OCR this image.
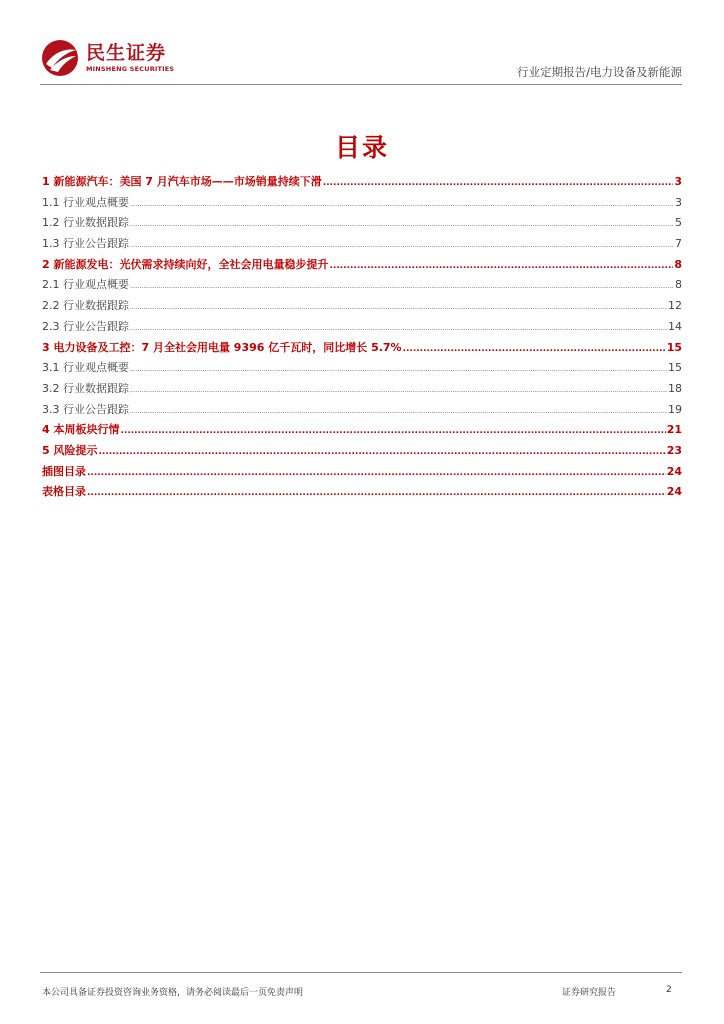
民生证券
MINSHENG SECURITIES	行业定期报告/电力设备及新能源
目录
1 新能源汽车：美国 7 月汽车市场——市场销量持续下滑 .....	3
1.1 行业观点概要 .....	3
1.2 行业数据跟踪 .....	5
1.3 行业公告跟踪 .....	7
2 新能源发电：光伏需求持续向好，全社会用电量稳步提升 .....	8
2.1 行业观点概要 .....	8
2.2 行业数据跟踪 .....	12
2.3 行业公告跟踪 .....	14
3 电力设备及工控：7 月全社会用电量 9396 亿千瓦时，同比增长 5.7% .....	15
3.1 行业观点概要 .....	15
3.2 行业数据跟踪 .....	18
3.3 行业公告跟踪 .....	19
4 本周板块行情 .....	21
5 风险提示 .....	23
插图目录 .....	24
表格目录 .....	24
本公司具备证券投资咨询业务资格，请务必阅读最后一页免责声明	证券研究报告	2
